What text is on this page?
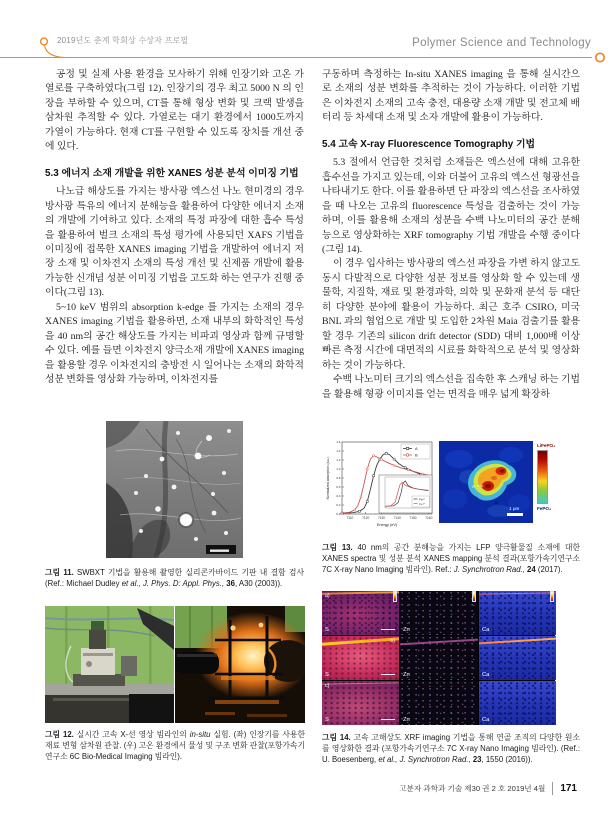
2019년도 춘계 학회상 수상자 프로필	Polymer Science and Technology

공정 및 실제 사용 환경을 모사하기 위해 인장기와 고온 가열로를 구축하였다(그림 12). 인장기의 경우 최고 5000 N 의 인장을 부하할 수 있으며, CT를 통해 형상 변화 및 크랙 발생을 삼차원 추적할 수 있다. 가열로는 대기 환경에서 1000도까지 가열이 가능하다. 현재 CT를 구현할 수 있도록 장치를 개선 중에 있다.

5.3 에너지 소재 개발을 위한 XANES 성분 분석 이미징 기법

나노급 해상도를 가지는 방사광 엑스선 나노 현미경의 경우 방사광 특유의 에너지 분해능을 활용하여 다양한 에너지 소재의 개발에 기여하고 있다. 소재의 특정 파장에 대한 흡수 특성을 활용하여 벌크 소재의 특성 평가에 사용되던 XAFS 기법을 이미징에 접목한 XANES imaging 기법을 개발하여 에너지 저장 소재 및 이차전지 소재의 특성 개선 및 신제품 개발에 활용 가능한 신개념 성분 이미징 기법을 고도화 하는 연구가 진행 중이다(그림 13).

5~10 keV 범위의 absorption k-edge 를 가지는 소재의 경우 XANES imaging 기법을 활용하면, 소재 내부의 화학적인 특성을 40 nm의 공간 해상도를 가지는 비파괴 영상과 함께 규명할 수 있다. 예를 들면 이차전지 양극소재 개발에 XANES imaging 을 활용할 경우 이차전지의 충방전 시 일어나는 소재의 화학적 성분 변화를 영상화 가능하며, 이차전지를

구동하며 측정하는 In-situ XANES imaging 을 통해 실시간으로 소재의 성분 변화를 추적하는 것이 가능하다. 이러한 기법은 이차전지 소재의 고속 충전, 대용량 소재 개발 및 전고체 배터리 등 차세대 소재 및 소자 개발에 활용이 가능하다.

5.4 고속 X-ray Fluorescence Tomography 기법

5.3 절에서 언급한 것처럼 소재들은 엑스선에 대해 고유한 흡수선을 가지고 있는데, 이와 더불어 고유의 엑스선 형광선을 나타내기도 한다. 이를 활용하면 단 파장의 엑스선을 조사하였을 때 나오는 고유의 fluorescence 특성을 검출하는 것이 가능하며, 이를 활용해 소재의 성분을 수백 나노미터의 공간 분해능으로 영상화하는 XRF tomography 기법 개발을 수행 중이다(그림 14).

이 경우 입사하는 방사광의 엑스선 파장을 가변 하지 않고도 동시 다발적으로 다양한 성분 정보를 영상화 할 수 있는데 생물학, 지질학, 재료 및 환경과학, 의학 및 문화재 분석 등 대단히 다양한 분야에 활용이 가능하다. 최근 호주 CSIRO, 미국 BNL 과의 협업으로 개발 및 도입한 2차원 Maia 검출기를 활용할 경우 기존의 silicon drift detector (SDD) 대비 1,000배 이상 빠른 측정 시간에 대면적의 시료를 화학적으로 분석 및 영상화하는 것이 가능하다.

수백 나노미터 크기의 엑스선을 집속한 후 스캐닝 하는 기법을 활용해 형광 이미지를 얻는 면적을 매우 넓게 확장하

그림 11. SWBXT 기법을 활용해 촬영한 실리콘카바이드 기판 내 결함 검사 (Ref.: Michael Dudley et al., J. Phys. D: Appl. Phys., 36, A30 (2003)).
그림 12. 실시간 고속 X-선 영상 빔라인의 in-situ 실험. (좌) 인장기를 사용한 재료 변형 삼차원 관찰. (우) 고온 환경에서 물성 및 구조 변화 관찰(포항가속기연구소 6C Bio-Medical Imaging 빔라인).
0.0
0.2
0.4
0.6
0.8
1.0
1.2
1.4
1.6
7110	7120	7130	7140	7150	7160
Energy (eV)
Normalized absorption (a.u.)
A
B
Fe²⁺
Fe³⁺
A
B
1 μm
LiFePO₄
FePO₄
그림 13. 40 nm의 공간 분해능을 가지는 LFP 양극활물질 소재에 대한 XANES spectra 및 성분 분석 XANES mapping 분석 결과(포항가속기연구소 7C X-ray Nano Imaging 빔라인). Ref.: J. Synchrotron Rad., 24 (2017).
a)
S	Zn	Ca
b)
S	Zn	Ca
c)
S	Zn	Ca
그림 14. 고속 고해상도 XRF imaging 기법을 통해 연골 조직의 다양한 원소를 영상화한 결과 (포항가속기연구소 7C X-ray Nano Imaging 빔라인). (Ref.: U. Boesenberg, et al., J. Synchrotron Rad., 23, 1550 (2016)).
고분자 과학과 기술 제30 권 2 호 2019년 4월 171
